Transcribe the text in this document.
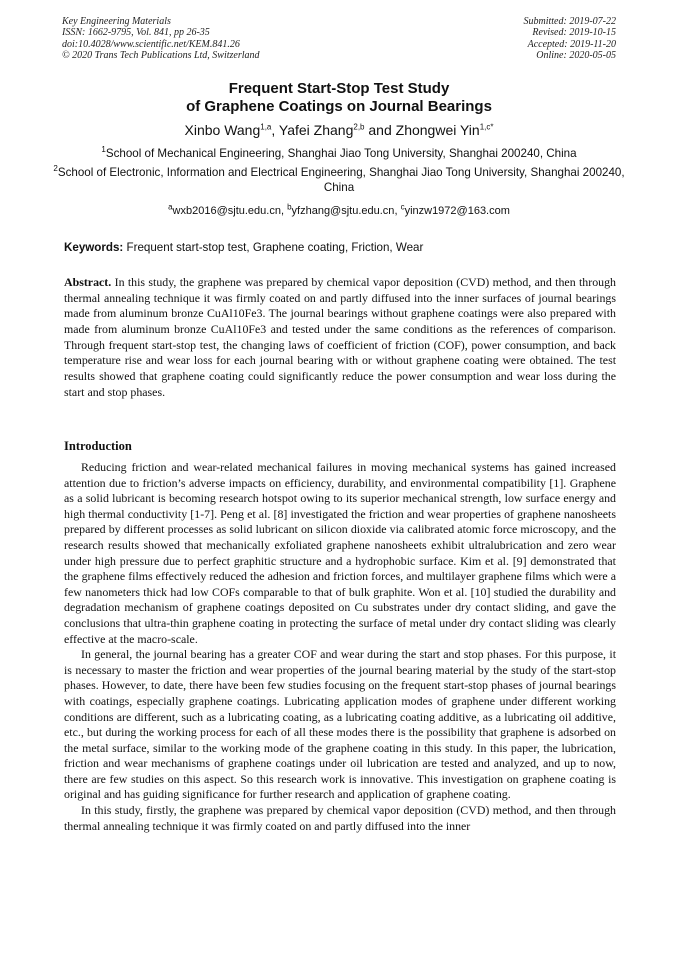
Key Engineering Materials
ISSN: 1662-9795, Vol. 841, pp 26-35
doi:10.4028/www.scientific.net/KEM.841.26
© 2020 Trans Tech Publications Ltd, Switzerland
Submitted: 2019-07-22
Revised: 2019-10-15
Accepted: 2019-11-20
Online: 2020-05-05
Frequent Start-Stop Test Study
of Graphene Coatings on Journal Bearings
Xinbo Wang$^{1,a}$, Yafei Zhang$^{2,b}$ and Zhongwei Yin$^{1,c*}$
$^1$School of Mechanical Engineering, Shanghai Jiao Tong University, Shanghai 200240, China
$^2$School of Electronic, Information and Electrical Engineering, Shanghai Jiao Tong University, Shanghai 200240, China
$^a$wxb2016@sjtu.edu.cn, $^b$yfzhang@sjtu.edu.cn, $^c$yinzw1972@163.com
Keywords: Frequent start-stop test, Graphene coating, Friction, Wear
Abstract. In this study, the graphene was prepared by chemical vapor deposition (CVD) method, and then through thermal annealing technique it was firmly coated on and partly diffused into the inner surfaces of journal bearings made from aluminum bronze CuAl10Fe3. The journal bearings without graphene coatings were also prepared with made from aluminum bronze CuAl10Fe3 and tested under the same conditions as the references of comparison. Through frequent start-stop test, the changing laws of coefficient of friction (COF), power consumption, and back temperature rise and wear loss for each journal bearing with or without graphene coating were obtained. The test results showed that graphene coating could significantly reduce the power consumption and wear loss during the start and stop phases.
Introduction

Reducing friction and wear-related mechanical failures in moving mechanical systems has gained increased attention due to friction’s adverse impacts on efficiency, durability, and environmental compatibility [1]. Graphene as a solid lubricant is becoming research hotspot owing to its superior mechanical strength, low surface energy and high thermal conductivity [1-7]. Peng et al. [8] investigated the friction and wear properties of graphene nanosheets prepared by different processes as solid lubricant on silicon dioxide via calibrated atomic force microscopy, and the research results showed that mechanically exfoliated graphene nanosheets exhibit ultralubrication and zero wear under high pressure due to perfect graphitic structure and a hydrophobic surface. Kim et al. [9] demonstrated that the graphene films effectively reduced the adhesion and friction forces, and multilayer graphene films which were a few nanometers thick had low COFs comparable to that of bulk graphite. Won et al. [10] studied the durability and degradation mechanism of graphene coatings deposited on Cu substrates under dry contact sliding, and gave the conclusions that ultra-thin graphene coating in protecting the surface of metal under dry contact sliding was clearly effective at the macro-scale.

In general, the journal bearing has a greater COF and wear during the start and stop phases. For this purpose, it is necessary to master the friction and wear properties of the journal bearing material by the study of the start-stop phases. However, to date, there have been few studies focusing on the frequent start-stop phases of journal bearings with coatings, especially graphene coatings. Lubricating application modes of graphene under different working conditions are different, such as a lubricating coating, as a lubricating coating additive, as a lubricating oil additive, etc., but during the working process for each of all these modes there is the possibility that graphene is adsorbed on the metal surface, similar to the working mode of the graphene coating in this study. In this paper, the lubrication, friction and wear mechanisms of graphene coatings under oil lubrication are tested and analyzed, and up to now, there are few studies on this aspect. So this research work is innovative. This investigation on graphene coating is original and has guiding significance for further research and application of graphene coating.

In this study, firstly, the graphene was prepared by chemical vapor deposition (CVD) method, and then through thermal annealing technique it was firmly coated on and partly diffused into the inner
